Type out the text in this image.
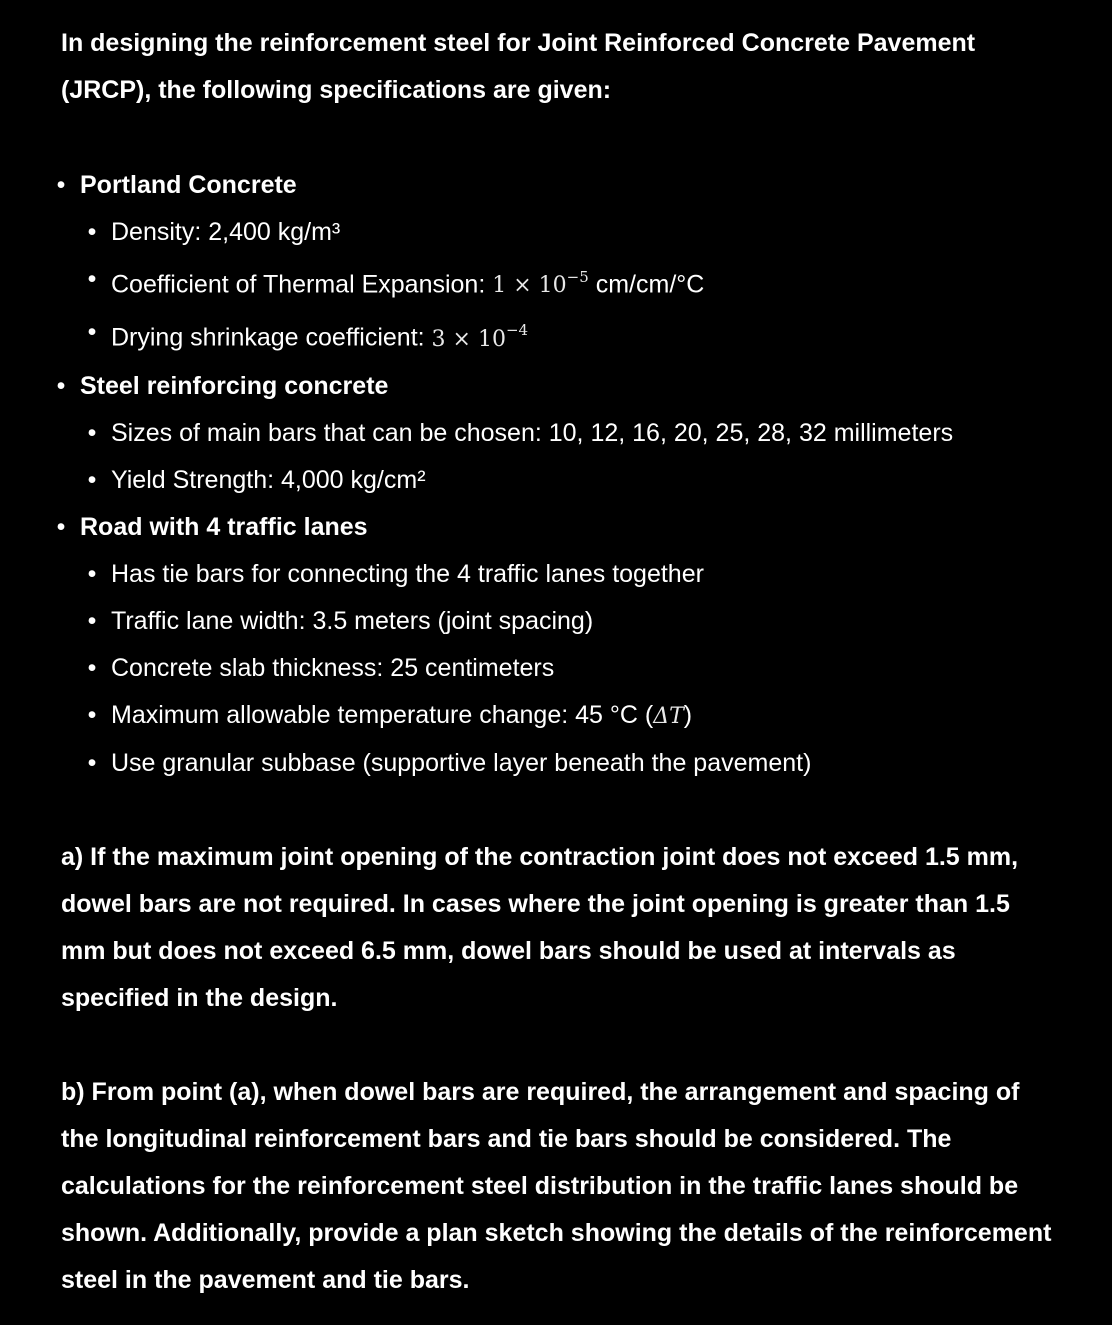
In designing the reinforcement steel for Joint Reinforced Concrete Pavement (JRCP), the following specifications are given:

• Portland Concrete
• Density: 2,400 kg/m³
• Coefficient of Thermal Expansion: $1 \times 10^{-5}$ cm/cm/°C
• Drying shrinkage coefficient: $3 \times 10^{-4}$
• Steel reinforcing concrete
• Sizes of main bars that can be chosen: 10, 12, 16, 20, 25, 28, 32 millimeters
• Yield Strength: 4,000 kg/cm²
• Road with 4 traffic lanes
• Has tie bars for connecting the 4 traffic lanes together
• Traffic lane width: 3.5 meters (joint spacing)
• Concrete slab thickness: 25 centimeters
• Maximum allowable temperature change: 45 °C (ΔT)
• Use granular subbase (supportive layer beneath the pavement)

a) If the maximum joint opening of the contraction joint does not exceed 1.5 mm, dowel bars are not required. In cases where the joint opening is greater than 1.5 mm but does not exceed 6.5 mm, dowel bars should be used at intervals as specified in the design.

b) From point (a), when dowel bars are required, the arrangement and spacing of the longitudinal reinforcement bars and tie bars should be considered. The calculations for the reinforcement steel distribution in the traffic lanes should be shown. Additionally, provide a plan sketch showing the details of the reinforcement steel in the pavement and tie bars.
